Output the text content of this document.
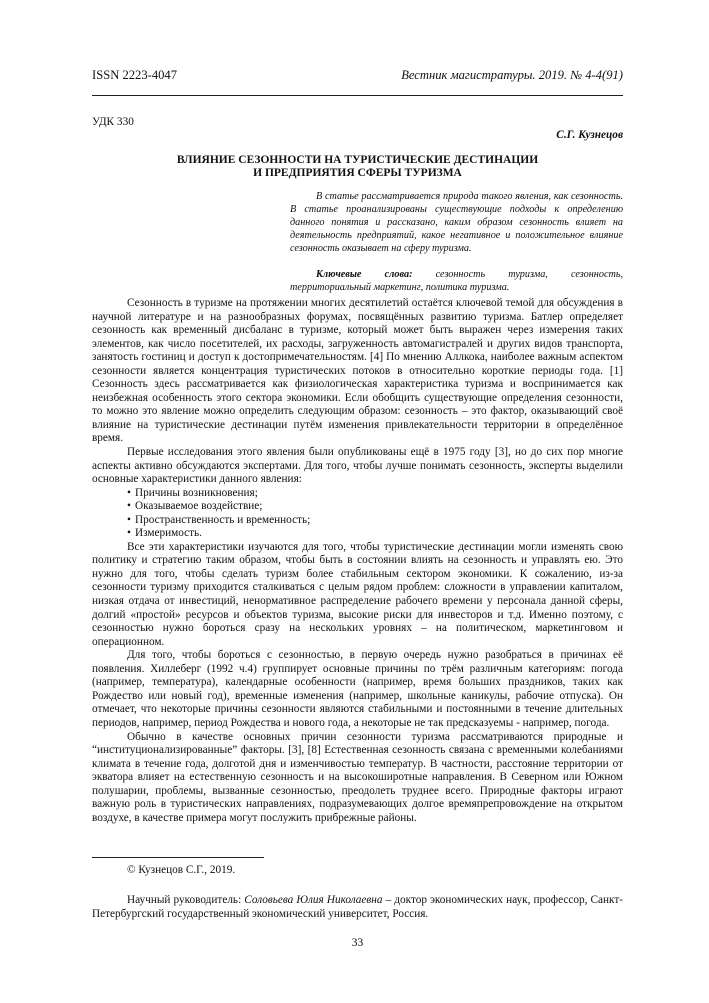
ISSN 2223-4047	Вестник магистратуры. 2019. № 4-4(91)
УДК 330
С.Г. Кузнецов
ВЛИЯНИЕ СЕЗОННОСТИ НА ТУРИСТИЧЕСКИЕ ДЕСТИНАЦИИ
И ПРЕДПРИЯТИЯ СФЕРЫ ТУРИЗМА

В статье рассматривается природа такого явления, как сезонность. В статье проанализированы существующие подходы к определению данного понятия и рассказано, каким образом сезонность влияет на деятельность предприятий, какое негативное и положительное влияние сезонность оказывает на сферу туризма.

Ключевые слова: сезонность туризма, сезонность, территориальный маркетинг, политика туризма.

Сезонность в туризме на протяжении многих десятилетий остаётся ключевой темой для обсуждения в научной литературе и на разнообразных форумах, посвящённых развитию туризма. Батлер определяет сезонность как временный дисбаланс в туризме, который может быть выражен через измерения таких элементов, как число посетителей, их расходы, загруженность автомагистралей и других видов транспорта, занятость гостиниц и доступ к достопримечательностям. [4] По мнению Аллкока, наиболее важным аспектом сезонности является концентрация туристических потоков в относительно короткие периоды года. [1] Сезонность здесь рассматривается как физиологическая характеристика туризма и воспринимается как неизбежная особенность этого сектора экономики. Если обобщить существующие определения сезонности, то можно это явление можно определить следующим образом: сезонность – это фактор, оказывающий своё влияние на туристические дестинации путём изменения привлекательности территории в определённое время.

Первые исследования этого явления были опубликованы ещё в 1975 году [3], но до сих пор многие аспекты активно обсуждаются экспертами. Для того, чтобы лучше понимать сезонность, эксперты выделили основные характеристики данного явления:

• Причины возникновения;
• Оказываемое воздействие;
• Пространственность и временность;
• Измеримость.

Все эти характеристики изучаются для того, чтобы туристические дестинации могли изменять свою политику и стратегию таким образом, чтобы быть в состоянии влиять на сезонность и управлять ею. Это нужно для того, чтобы сделать туризм более стабильным сектором экономики. К сожалению, из-за сезонности туризму приходится сталкиваться с целым рядом проблем: сложности в управлении капиталом, низкая отдача от инвестиций, ненормативное распределение рабочего времени у персонала данной сферы, долгий «простой» ресурсов и объектов туризма, высокие риски для инвесторов и т.д. Именно поэтому, с сезонностью нужно бороться сразу на нескольких уровнях – на политическом, маркетинговом и операционном.

Для того, чтобы бороться с сезонностью, в первую очередь нужно разобраться в причинах её появления. Хиллеберг (1992 ч.4) группирует основные причины по трём различным категориям: погода (например, температура), календарные особенности (например, время больших праздников, таких как Рождество или новый год), временные изменения (например, школьные каникулы, рабочие отпуска). Он отмечает, что некоторые причины сезонности являются стабильными и постоянными в течение длительных периодов, например, период Рождества и нового года, а некоторые не так предсказуемы - например, погода.

Обычно в качестве основных причин сезонности туризма рассматриваются природные и “институционализированные” факторы. [3], [8] Естественная сезонность связана с временными колебаниями климата в течение года, долготой дня и изменчивостью температур. В частности, расстояние территории от экватора влияет на естественную сезонность и на высокоширотные направления. В Северном или Южном полушарии, проблемы, вызванные сезонностью, преодолеть труднее всего. Природные факторы играют важную роль в туристических направлениях, подразумевающих долгое времяпрепровождение на открытом воздухе, в качестве примера могут послужить прибрежные районы.

© Кузнецов С.Г., 2019.

Научный руководитель: Соловьева Юлия Николаевна – доктор экономических наук, профессор, Санкт-Петербургский государственный экономический университет, Россия.

33
